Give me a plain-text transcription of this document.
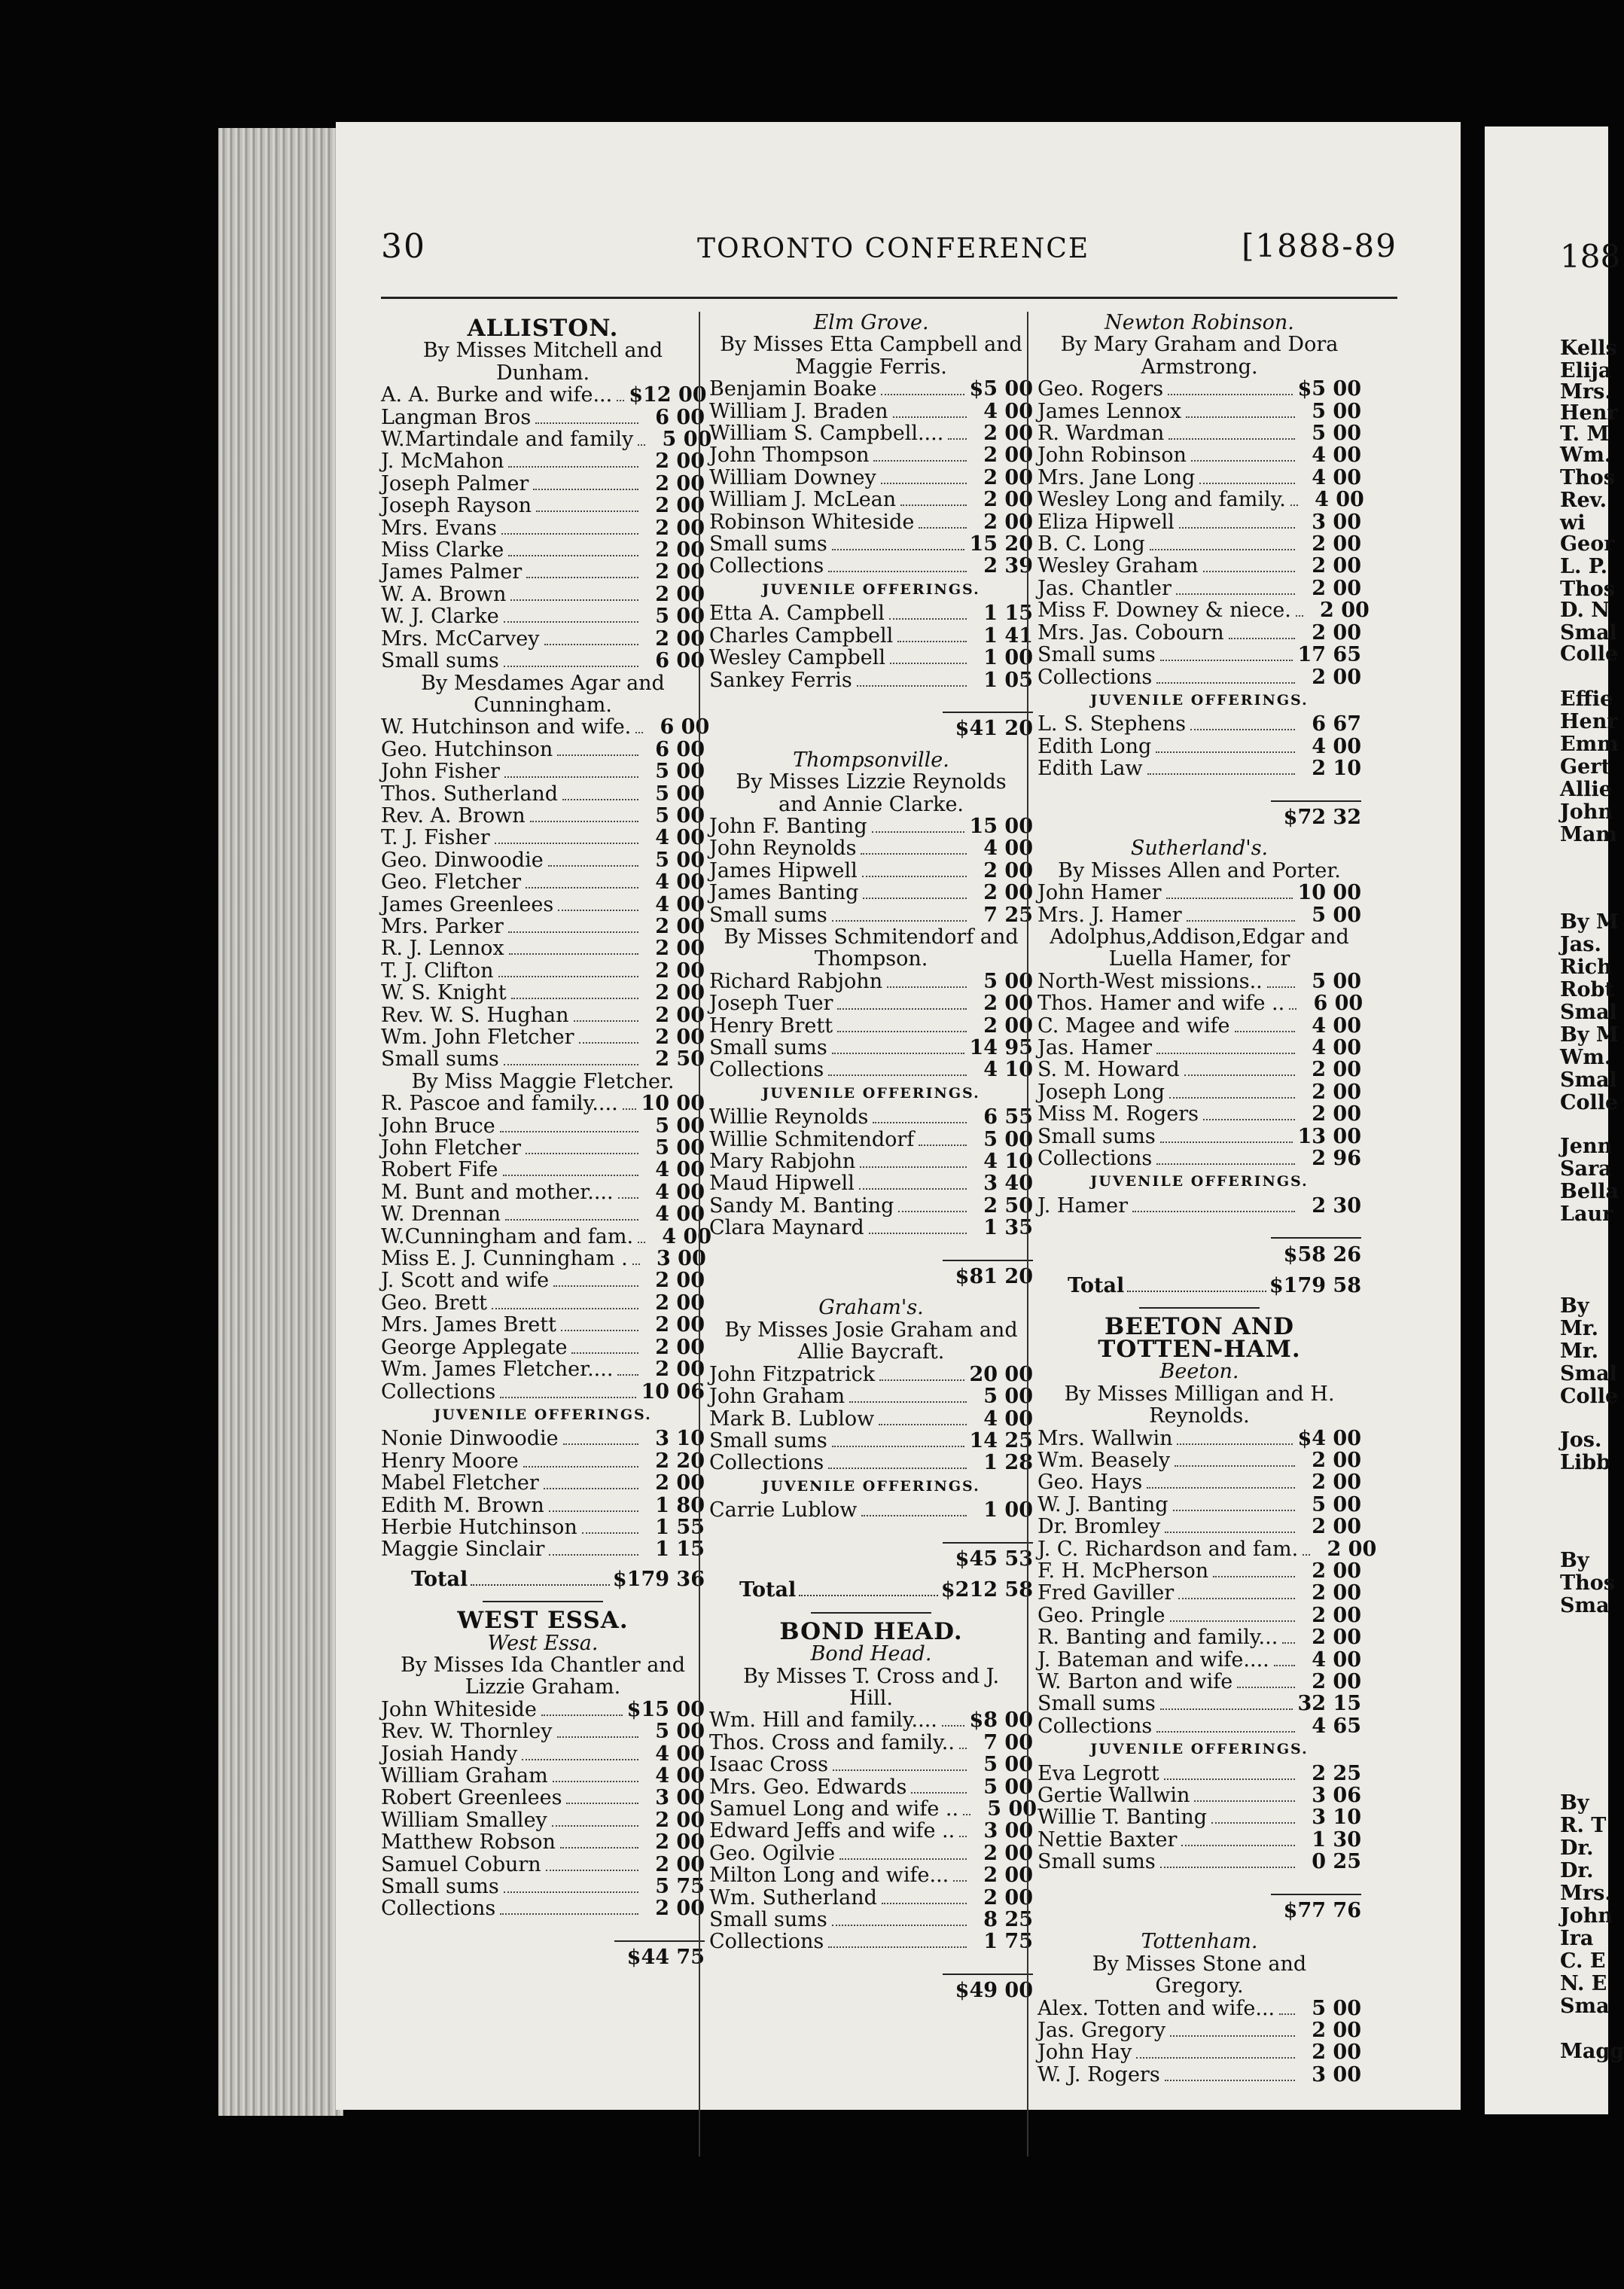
30	TORONTO CONFERENCE	[1888-89
ALLISTON.
By Misses Mitchell and Dunham.
A. A. Burke and wife... $12 00
Langman Bros	6 00
W.Martindale and family	5 00
J. McMahon	2 00
Joseph Palmer	2 00
Joseph Rayson	2 00
Mrs. Evans	2 00
Miss Clarke	2 00
James Palmer	2 00
W. A. Brown	2 00
W. J. Clarke	5 00
Mrs. McCarvey	2 00
Small sums	6 00
By Mesdames Agar and Cunningham.
W. Hutchinson and wife.	6 00
Geo. Hutchinson	6 00
John Fisher	5 00
Thos. Sutherland	5 00
Rev. A. Brown	5 00
T. J. Fisher	4 00
Geo. Dinwoodie	5 00
Geo. Fletcher	4 00
James Greenlees	4 00
Mrs. Parker	2 00
R. J. Lennox	2 00
T. J. Clifton	2 00
W. S. Knight	2 00
Rev. W. S. Hughan	2 00
Wm. John Fletcher	2 00
Small sums	2 50
By Miss Maggie Fletcher.
R. Pascoe and family.... 10 00
John Bruce	5 00
John Fletcher	5 00
Robert Fife	4 00
M. Bunt and mother....	4 00
W. Drennan	4 00
W.Cunningham and fam.	4 00
Miss E. J. Cunningham .	3 00
J. Scott and wife	2 00
Geo. Brett	2 00
Mrs. James Brett	2 00
George Applegate	2 00
Wm. James Fletcher....	2 00
Collections	10 06
JUVENILE OFFERINGS.
Nonie Dinwoodie	3 10
Henry Moore	2 20
Mabel Fletcher	2 00
Edith M. Brown	1 80
Herbie Hutchinson	1 55
Maggie Sinclair	1 15
Total	$179 36
WEST ESSA.
West Essa.
By Misses Ida Chantler and Lizzie Graham.
John Whiteside	$15 00
Rev. W. Thornley	5 00
Josiah Handy	4 00
William Graham	4 00
Robert Greenlees	3 00
William Smalley	2 00
Matthew Robson	2 00
Samuel Coburn	2 00
Small sums	5 75
Collections	2 00

$44 75
Elm Grove.
By Misses Etta Campbell and Maggie Ferris.
Benjamin Boake	$5 00
William J. Braden	4 00
William S. Campbell....	2 00
John Thompson	2 00
William Downey	2 00
William J. McLean	2 00
Robinson Whiteside	2 00
Small sums	15 20
Collections	2 39
JUVENILE OFFERINGS.
Etta A. Campbell	1 15
Charles Campbell	1 41
Wesley Campbell	1 00
Sankey Ferris	1 05

$41 20
Thompsonville.
By Misses Lizzie Reynolds and Annie Clarke.
John F. Banting	15 00
John Reynolds	4 00
James Hipwell	2 00
James Banting	2 00
Small sums	7 25
By Misses Schmitendorf and Thompson.
Richard Rabjohn	5 00
Joseph Tuer	2 00
Henry Brett	2 00
Small sums	14 95
Collections	4 10
JUVENILE OFFERINGS.
Willie Reynolds	6 55
Willie Schmitendorf	5 00
Mary Rabjohn	4 10
Maud Hipwell	3 40
Sandy M. Banting	2 50
Clara Maynard	1 35

$81 20
Graham's.
By Misses Josie Graham and Allie Baycraft.
John Fitzpatrick	20 00
John Graham	5 00
Mark B. Lublow	4 00
Small sums	14 25
Collections	1 28
JUVENILE OFFERINGS.
Carrie Lublow	1 00

$45 53
Total	$212 58
BOND HEAD.
Bond Head.
By Misses T. Cross and J. Hill.
Wm. Hill and family.... $8 00
Thos. Cross and family..	7 00
Isaac Cross	5 00
Mrs. Geo. Edwards	5 00
Samuel Long and wife ..	5 00
Edward Jeffs and wife ..	3 00
Geo. Ogilvie	2 00
Milton Long and wife...	2 00
Wm. Sutherland	2 00
Small sums	8 25
Collections	1 75

$49 00
Newton Robinson.
By Mary Graham and Dora Armstrong.
Geo. Rogers	$5 00
James Lennox	5 00
R. Wardman	5 00
John Robinson	4 00
Mrs. Jane Long	4 00
Wesley Long and family.	4 00
Eliza Hipwell	3 00
B. C. Long	2 00
Wesley Graham	2 00
Jas. Chantler	2 00
Miss F. Downey & niece.	2 00
Mrs. Jas. Cobourn	2 00
Small sums	17 65
Collections	2 00
JUVENILE OFFERINGS.
L. S. Stephens	6 67
Edith Long	4 00
Edith Law	2 10

$72 32
Sutherland's.
By Misses Allen and Porter.
John Hamer	10 00
Mrs. J. Hamer	5 00
Adolphus,Addison,Edgar and Luella Hamer, for
North-West missions..	5 00
Thos. Hamer and wife ..	6 00
C. Magee and wife	4 00
Jas. Hamer	4 00
S. M. Howard	2 00
Joseph Long	2 00
Miss M. Rogers	2 00
Small sums	13 00
Collections	2 96
JUVENILE OFFERINGS.
J. Hamer	2 30

$58 26
Total	$179 58
BEETON AND TOTTEN-HAM.
Beeton.
By Misses Milligan and H. Reynolds.
Mrs. Wallwin	$4 00
Wm. Beasely	2 00
Geo. Hays	2 00
W. J. Banting	5 00
Dr. Bromley	2 00
J. C. Richardson and fam.	2 00
F. H. McPherson	2 00
Fred Gaviller	2 00
Geo. Pringle	2 00
R. Banting and family...	2 00
J. Bateman and wife....	4 00
W. Barton and wife	2 00
Small sums	32 15
Collections	4 65
JUVENILE OFFERINGS.
Eva Legrott	2 25
Gertie Wallwin	3 06
Willie T. Banting	3 10
Nettie Baxter	1 30
Small sums	0 25

$77 76
Tottenham.
By Misses Stone and Gregory.
Alex. Totten and wife...	5 00
Jas. Gregory	2 00
John Hay	2 00
W. J. Rogers	3 00
188
Kells
Elija
Mrs.
Henr
T. M
Wm.
Thos
Rev.
wi
Geor
L. P.
Thos
D. N
Smal
Colle
Effie
Henr
Emm
Gert
Allie
John
Mam
By M
Jas.
Rich
Robt
Smal
By M
Wm.
Smal
Colle
Jenn
Sara
Bella
Laur
By
Mr.
Mr.
Smal
Colle
Jos.
Libb
By
Thos
Sma
By
R. T
Dr.
Dr.
Mrs.
John
Ira
C. E
N. E
Sma
Magg
